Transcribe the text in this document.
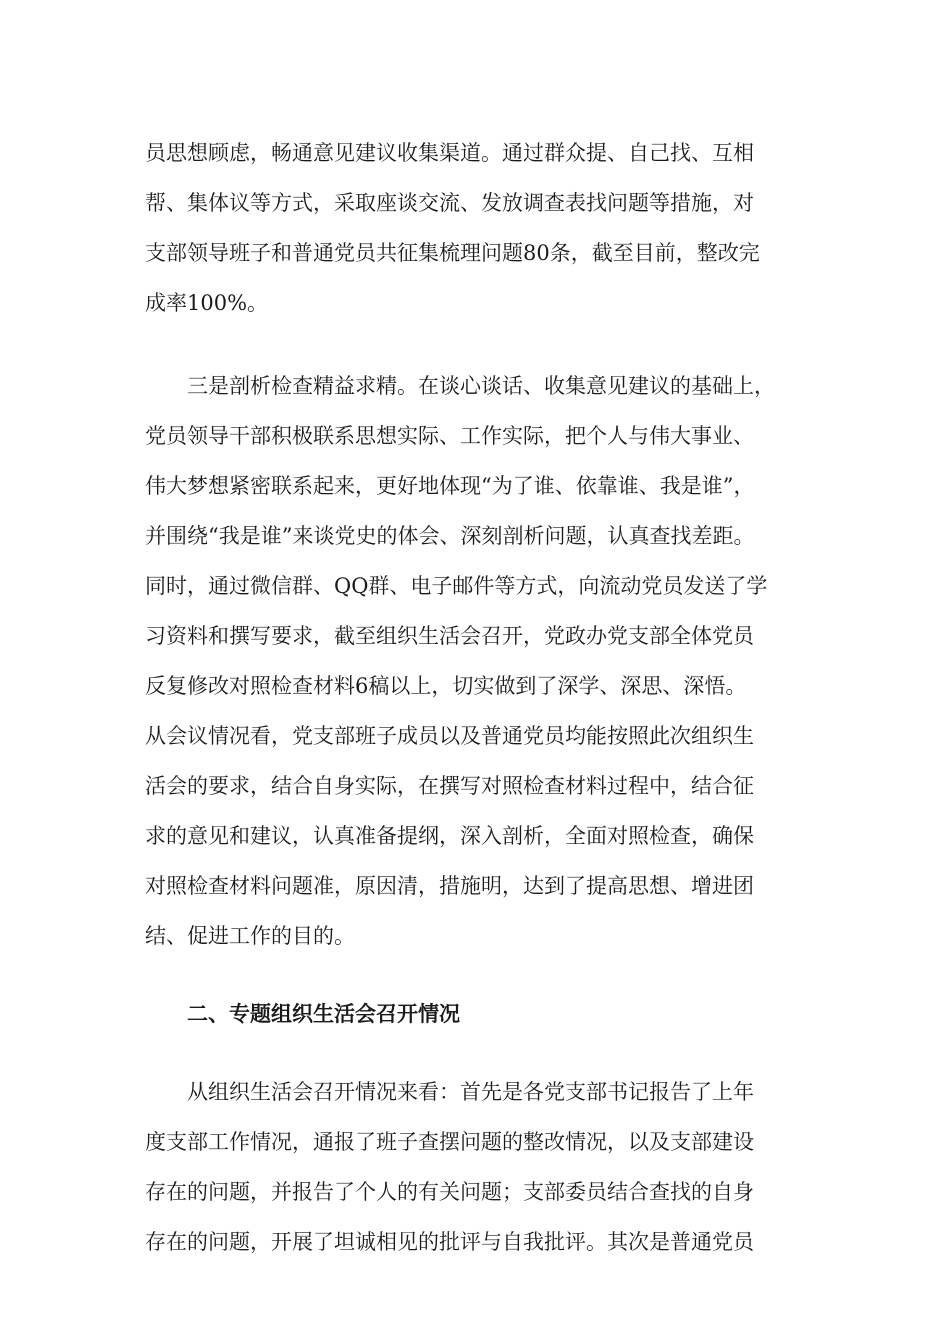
员思想顾虑，畅通意见建议收集渠道。通过群众提、自己找、互相
帮、集体议等方式，采取座谈交流、发放调查表找问题等措施，对
支部领导班子和普通党员共征集梳理问题80条，截至目前，整改完
成率100%。
三是剖析检查精益求精。在谈心谈话、收集意见建议的基础上，
党员领导干部积极联系思想实际、工作实际，把个人与伟大事业、
伟大梦想紧密联系起来，更好地体现“为了谁、依靠谁、我是谁”，
并围绕“我是谁”来谈党史的体会、深刻剖析问题，认真查找差距。
同时，通过微信群、QQ群、电子邮件等方式，向流动党员发送了学
习资料和撰写要求，截至组织生活会召开，党政办党支部全体党员
反复修改对照检查材料6稿以上，切实做到了深学、深思、深悟。
从会议情况看，党支部班子成员以及普通党员均能按照此次组织生
活会的要求，结合自身实际，在撰写对照检查材料过程中，结合征
求的意见和建议，认真准备提纲，深入剖析，全面对照检查，确保
对照检查材料问题准，原因清，措施明，达到了提高思想、增进团
结、促进工作的目的。
二、专题组织生活会召开情况
从组织生活会召开情况来看：首先是各党支部书记报告了上年
度支部工作情况，通报了班子查摆问题的整改情况，以及支部建设
存在的问题，并报告了个人的有关问题；支部委员结合查找的自身
存在的问题，开展了坦诚相见的批评与自我批评。其次是普通党员
